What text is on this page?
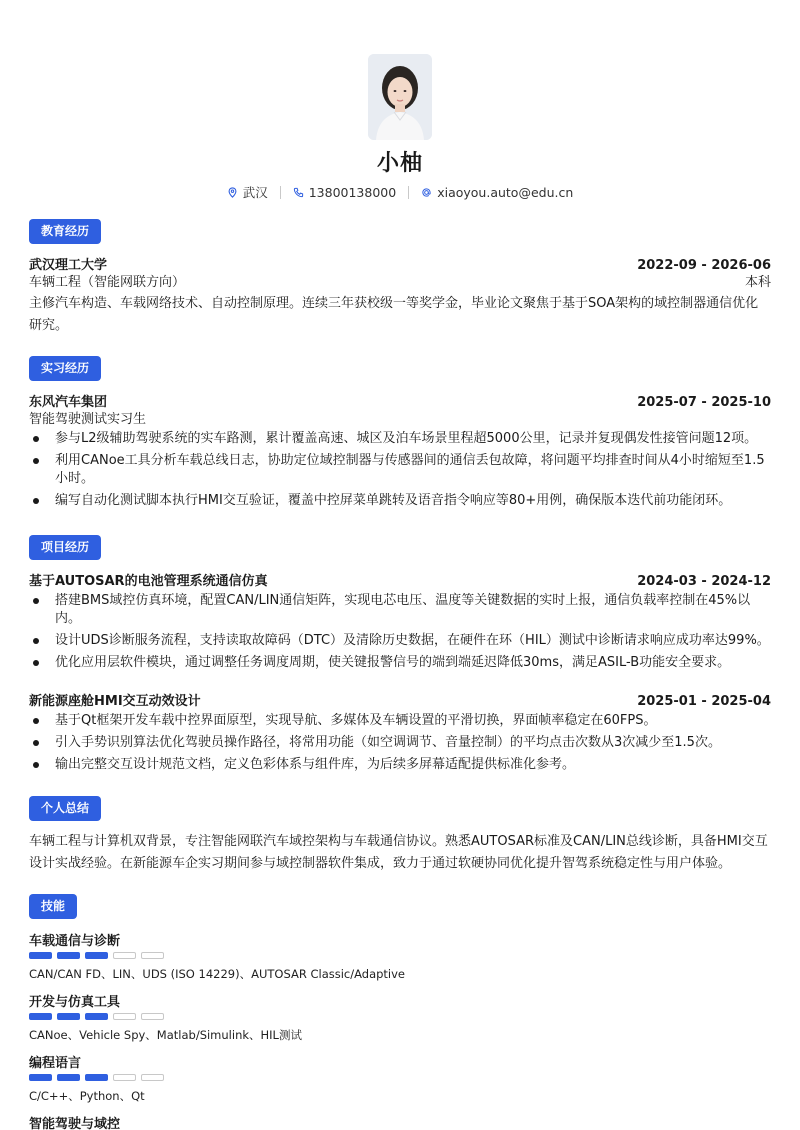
小柚
武汉	13800138000	xiaoyou.auto@edu.cn
教育经历
武汉理工大学	2022-09 - 2026-06
车辆工程（智能网联方向）	本科
主修汽车构造、车载网络技术、自动控制原理。连续三年获校级一等奖学金，毕业论文聚焦于基于SOA架构的域控制器通信优化研究。
实习经历
东风汽车集团	2025-07 - 2025-10
智能驾驶测试实习生
参与L2级辅助驾驶系统的实车路测，累计覆盖高速、城区及泊车场景里程超5000公里，记录并复现偶发性接管问题12项。
利用CANoe工具分析车载总线日志，协助定位域控制器与传感器间的通信丢包故障，将问题平均排查时间从4小时缩短至1.5小时。
编写自动化测试脚本执行HMI交互验证，覆盖中控屏菜单跳转及语音指令响应等80+用例，确保版本迭代前功能闭环。
项目经历
基于AUTOSAR的电池管理系统通信仿真	2024-03 - 2024-12
搭建BMS域控仿真环境，配置CAN/LIN通信矩阵，实现电芯电压、温度等关键数据的实时上报，通信负载率控制在45%以内。
设计UDS诊断服务流程，支持读取故障码（DTC）及清除历史数据，在硬件在环（HIL）测试中诊断请求响应成功率达99%。
优化应用层软件模块，通过调整任务调度周期，使关键报警信号的端到端延迟降低30ms，满足ASIL-B功能安全要求。
新能源座舱HMI交互动效设计	2025-01 - 2025-04
基于Qt框架开发车载中控界面原型，实现导航、多媒体及车辆设置的平滑切换，界面帧率稳定在60FPS。
引入手势识别算法优化驾驶员操作路径，将常用功能（如空调调节、音量控制）的平均点击次数从3次减少至1.5次。
输出完整交互设计规范文档，定义色彩体系与组件库，为后续多屏幕适配提供标准化参考。
个人总结
车辆工程与计算机双背景，专注智能网联汽车域控架构与车载通信协议。熟悉AUTOSAR标准及CAN/LIN总线诊断，具备HMI交互设计实战经验。在新能源车企实习期间参与域控制器软件集成，致力于通过软硬协同优化提升智驾系统稳定性与用户体验。
技能
车载通信与诊断
CAN/CAN FD、LIN、UDS (ISO 14229)、AUTOSAR Classic/Adaptive
开发与仿真工具
CANoe、Vehicle Spy、Matlab/Simulink、HIL测试
编程语言
C/C++、Python、Qt
智能驾驶与域控
